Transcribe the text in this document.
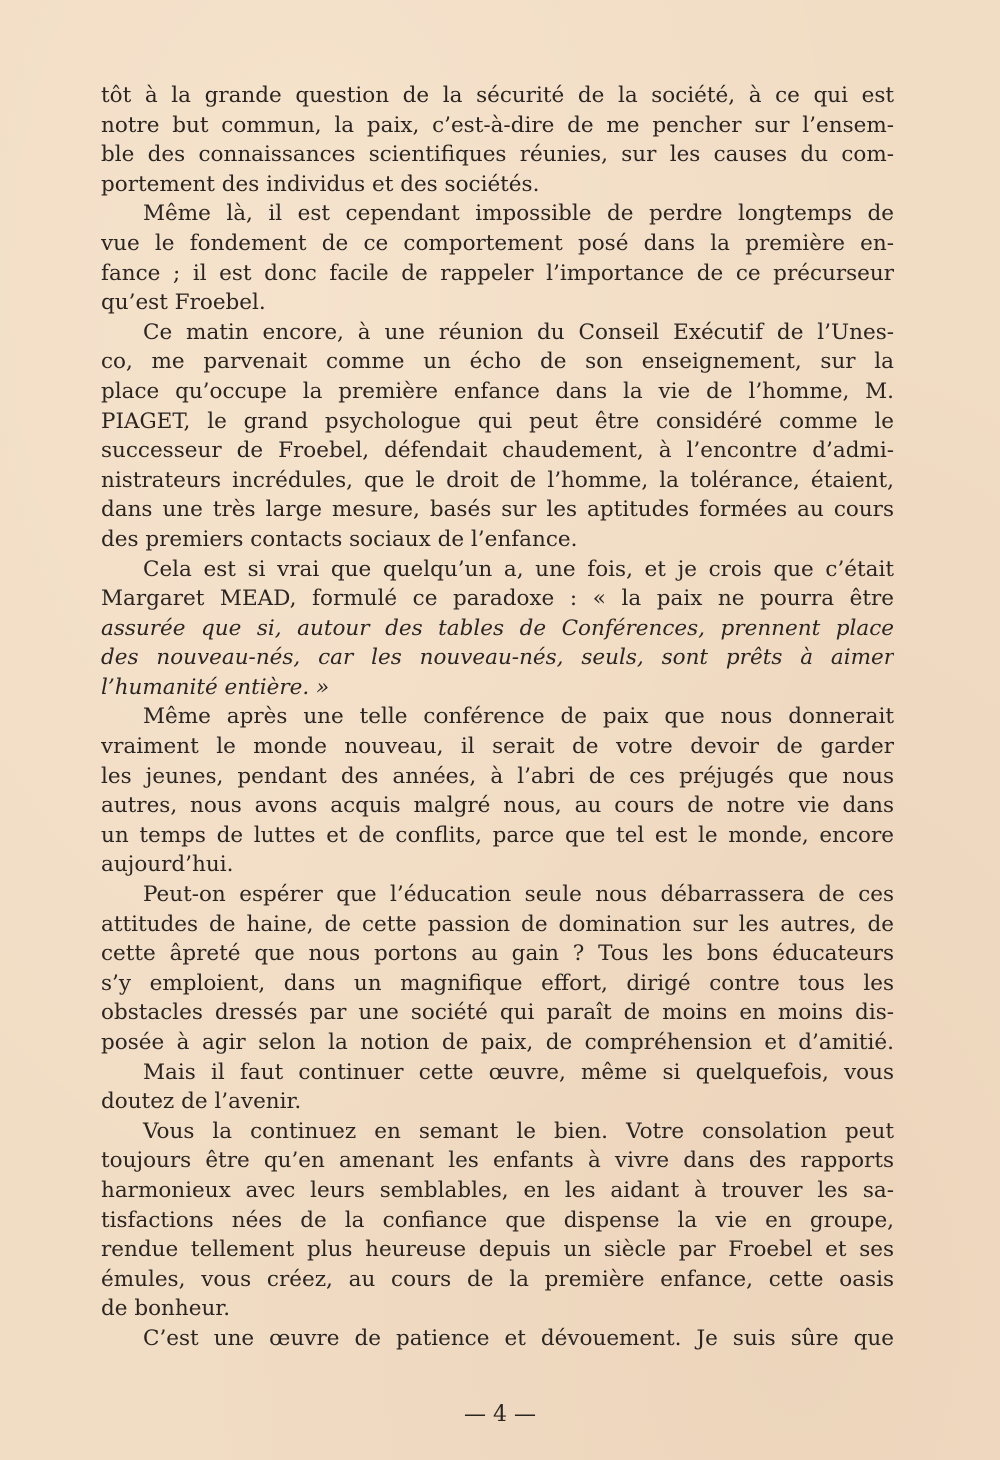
tôt à la grande question de la sécurité de la société, à ce qui est
notre but commun, la paix, c’est-à-dire de me pencher sur l’ensem-
ble des connaissances scientifiques réunies, sur les causes du com-
portement des individus et des sociétés.
Même là, il est cependant impossible de perdre longtemps de
vue le fondement de ce comportement posé dans la première en-
fance ; il est donc facile de rappeler l’importance de ce précurseur
qu’est Froebel.
Ce matin encore, à une réunion du Conseil Exécutif de l’Unes-
co, me parvenait comme un écho de son enseignement, sur la
place qu’occupe la première enfance dans la vie de l’homme, M.
PIAGET, le grand psychologue qui peut être considéré comme le
successeur de Froebel, défendait chaudement, à l’encontre d’admi-
nistrateurs incrédules, que le droit de l’homme, la tolérance, étaient,
dans une très large mesure, basés sur les aptitudes formées au cours
des premiers contacts sociaux de l’enfance.
Cela est si vrai que quelqu’un a, une fois, et je crois que c’était
Margaret MEAD, formulé ce paradoxe : « la paix ne pourra être
assurée que si, autour des tables de Conférences, prennent place
des nouveau-nés, car les nouveau-nés, seuls, sont prêts à aimer
l’humanité entière. »
Même après une telle conférence de paix que nous donnerait
vraiment le monde nouveau, il serait de votre devoir de garder
les jeunes, pendant des années, à l’abri de ces préjugés que nous
autres, nous avons acquis malgré nous, au cours de notre vie dans
un temps de luttes et de conflits, parce que tel est le monde, encore
aujourd’hui.
Peut-on espérer que l’éducation seule nous débarrassera de ces
attitudes de haine, de cette passion de domination sur les autres, de
cette âpreté que nous portons au gain ? Tous les bons éducateurs
s’y emploient, dans un magnifique effort, dirigé contre tous les
obstacles dressés par une société qui paraît de moins en moins dis-
posée à agir selon la notion de paix, de compréhension et d’amitié.
Mais il faut continuer cette œuvre, même si quelquefois, vous
doutez de l’avenir.
Vous la continuez en semant le bien. Votre consolation peut
toujours être qu’en amenant les enfants à vivre dans des rapports
harmonieux avec leurs semblables, en les aidant à trouver les sa-
tisfactions nées de la confiance que dispense la vie en groupe,
rendue tellement plus heureuse depuis un siècle par Froebel et ses
émules, vous créez, au cours de la première enfance, cette oasis
de bonheur.
C’est une œuvre de patience et dévouement. Je suis sûre que
— 4 —
